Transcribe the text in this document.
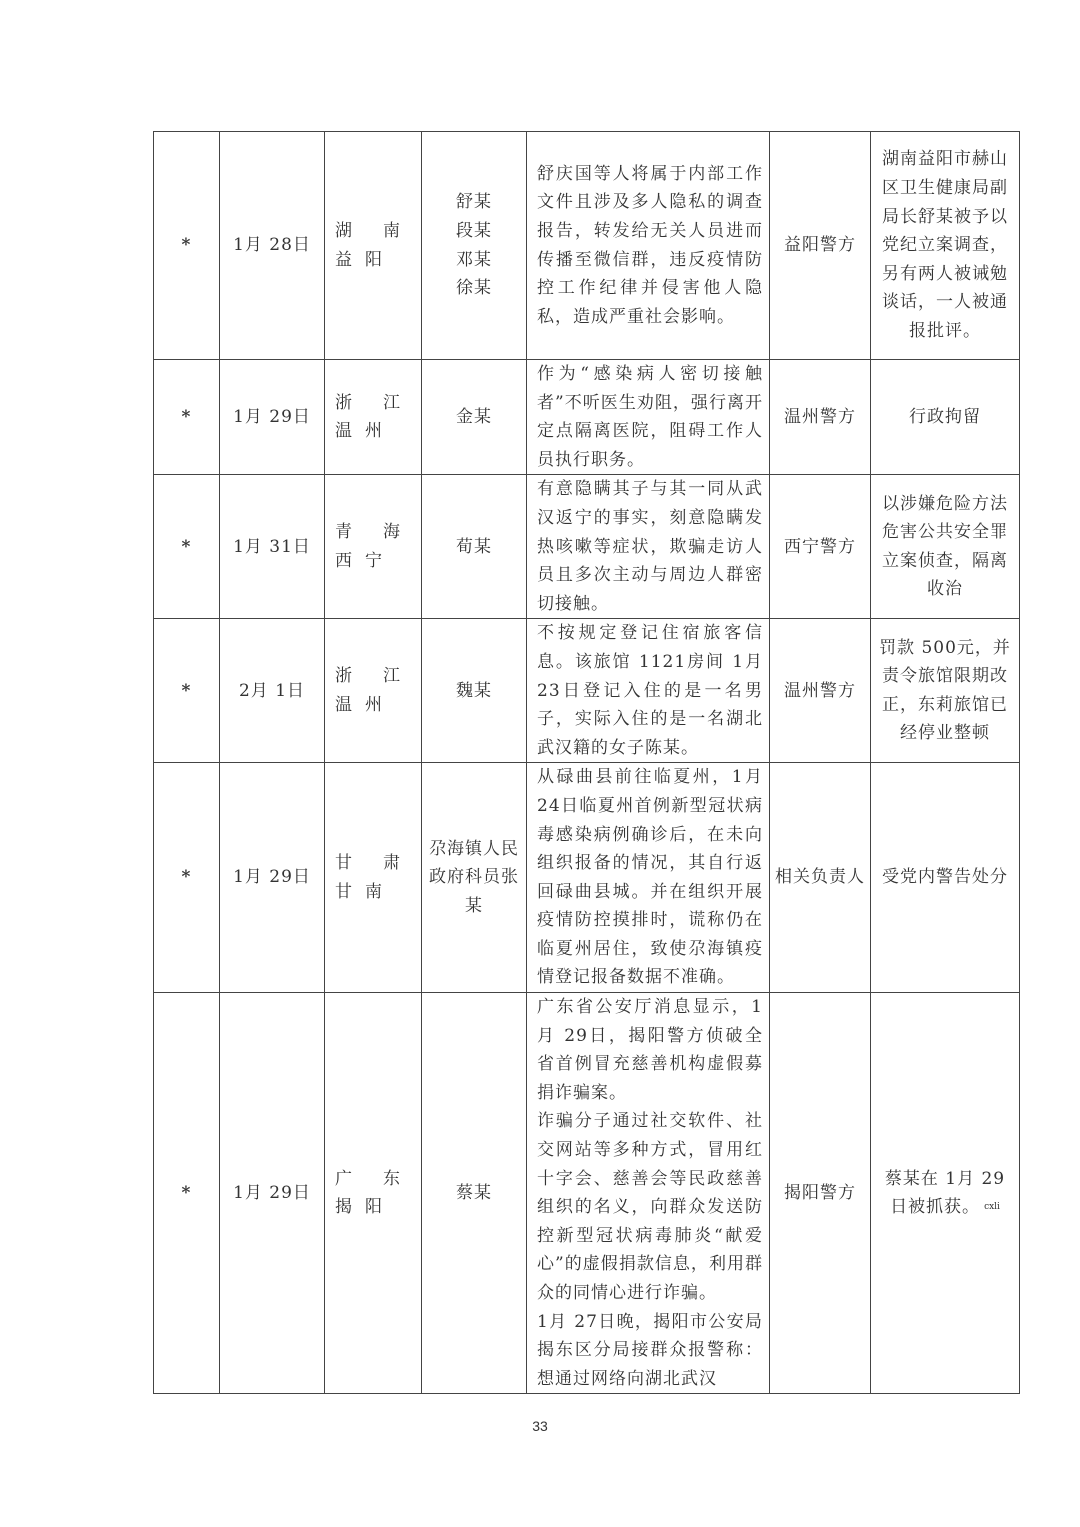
*	1月 28日	湖南益阳	舒某
段某
邓某
徐某	舒庆国等人将属于内部工作文件且涉及多人隐私的调查报告，转发给无关人员进而传播至微信群，违反疫情防控工作纪律并侵害他人隐私，造成严重社会影响。	益阳警方	湖南益阳市赫山区卫生健康局副局长舒某被予以党纪立案调查，另有两人被诫勉谈话，一人被通报批评。
*	1月 29日	浙江温州	金某	作为“感染病人密切接触者”不听医生劝阻，强行离开定点隔离医院，阻碍工作人员执行职务。	温州警方	行政拘留
*	1月 31日	青海西宁	荀某	有意隐瞒其子与其一同从武汉返宁的事实，刻意隐瞒发热咳嗽等症状，欺骗走访人员且多次主动与周边人群密切接触。	西宁警方	以涉嫌危险方法危害公共安全罪立案侦查，隔离收治
*	2月 1日	浙江温州	魏某	不按规定登记住宿旅客信息。该旅馆 1121房间 1月 23日登记入住的是一名男子，实际入住的是一名湖北武汉籍的女子陈某。	温州警方	罚款 500元，并责令旅馆限期改正，东莉旅馆已经停业整顿
*	1月 29日	甘肃甘南	尕海镇人民政府科员张某	从碌曲县前往临夏州，1月 24日临夏州首例新型冠状病毒感染病例确诊后，在未向组织报备的情况，其自行返回碌曲县城。并在组织开展疫情防控摸排时，谎称仍在临夏州居住，致使尕海镇疫情登记报备数据不准确。	相关负责人	受党内警告处分
*	1月 29日	广东揭阳	蔡某	广东省公安厅消息显示，1月 29日，揭阳警方侦破全省首例冒充慈善机构虚假募捐诈骗案。

诈骗分子通过社交软件、社交网站等多种方式，冒用红十字会、慈善会等民政慈善组织的名义，向群众发送防控新型冠状病毒肺炎“献爱心”的虚假捐款信息，利用群众的同情心进行诈骗。

1月 27日晚，揭阳市公安局揭东区分局接群众报警称：想通过网络向湖北武汉	揭阳警方	蔡某在 1月 29日被抓获。 $^{cxli}$
33
